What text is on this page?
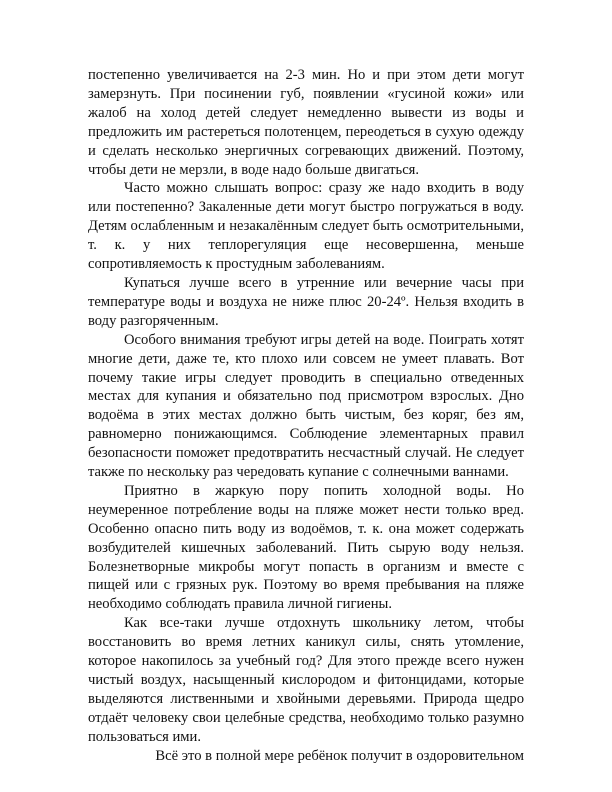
постепенно увеличивается на 2-3 мин. Но и при этом дети могут замерзнуть. При посинении губ, появлении «гусиной кожи» или жалоб на холод детей следует немедленно вывести из воды и предложить им растереться полотенцем, переодеться в сухую одежду и сделать несколько энергичных согревающих движений. Поэтому, чтобы дети не мерзли, в воде надо больше двигаться.

Часто можно слышать вопрос: сразу же надо входить в воду или постепенно? Закаленные дети могут быстро погружаться в воду. Детям ослабленным и незакалённым следует быть осмотрительными, т. к. у них теплорегуляция еще несовершенна, меньше сопротивляемость к простудным заболеваниям.

Купаться лучше всего в утренние или вечерние часы при температуре воды и воздуха не ниже плюс 20-24º. Нельзя входить в воду разгоряченным.

Особого внимания требуют игры детей на воде. Поиграть хотят многие дети, даже те, кто плохо или совсем не умеет плавать. Вот почему такие игры следует проводить в специально отведенных местах для купания и обязательно под присмотром взрослых. Дно водоёма в этих местах должно быть чистым, без коряг, без ям, равномерно понижающимся. Соблюдение элементарных правил безопасности поможет предотвратить несчастный случай. Не следует также по нескольку раз чередовать купание с солнечными ваннами.

Приятно в жаркую пору попить холодной воды. Но неумеренное потребление воды на пляже может нести только вред. Особенно опасно пить воду из водоёмов, т. к. она может содержать возбудителей кишечных заболеваний. Пить сырую воду нельзя. Болезнетворные микробы могут попасть в организм и вместе с пищей или с грязных рук. Поэтому во время пребывания на пляже необходимо соблюдать правила личной гигиены.

Как все-таки лучше отдохнуть школьнику летом, чтобы восстановить во время летних каникул силы, снять утомление, которое накопилось за учебный год? Для этого прежде всего нужен чистый воздух, насыщенный кислородом и фитонцидами, которые выделяются лиственными и хвойными деревьями. Природа щедро отдаёт человеку свои целебные средства, необходимо только разумно пользоваться ими.

Всё это в полной мере ребёнок получит в оздоровительном
